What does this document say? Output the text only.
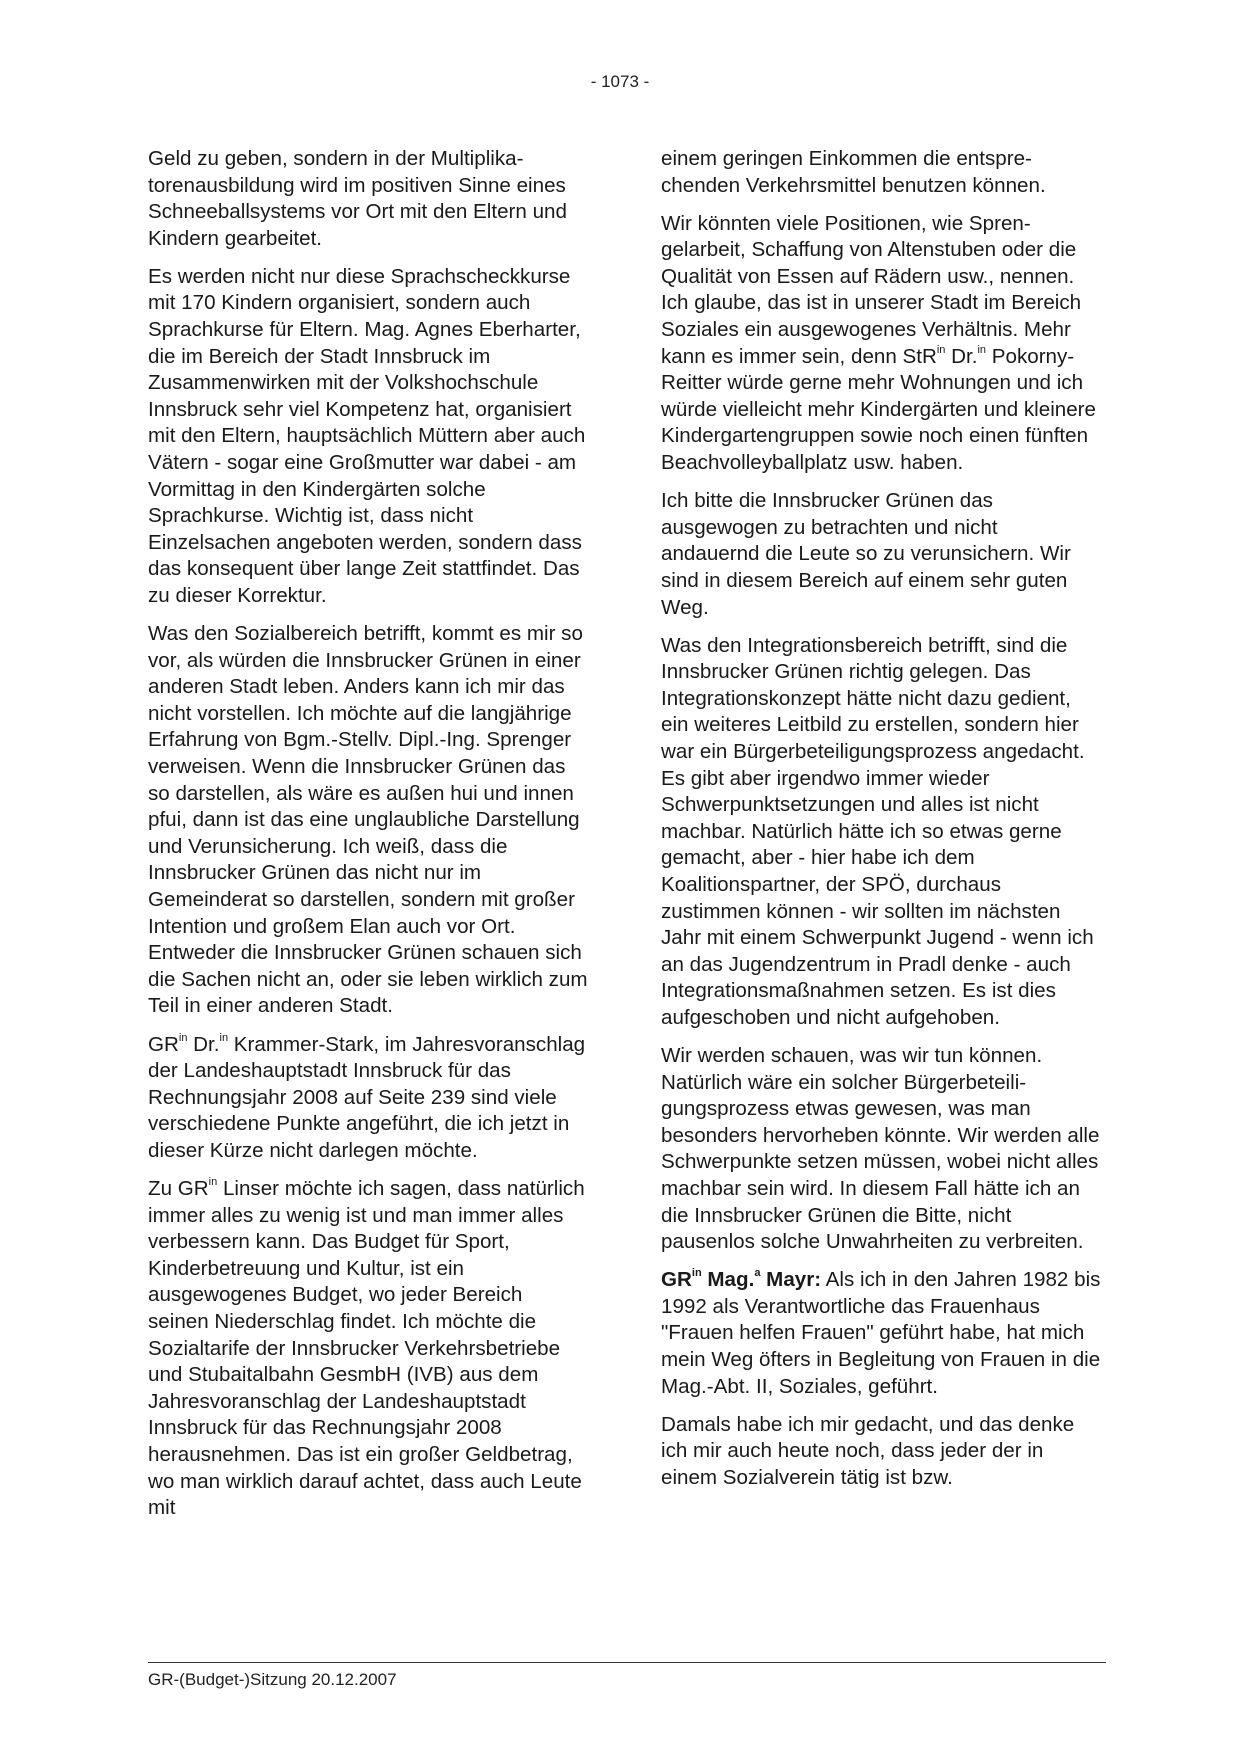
- 1073 -

Geld zu geben, sondern in der Multiplikatorenausbildung wird im positiven Sinne eines Schneeballsystems vor Ort mit den Eltern und Kindern gearbeitet.

Es werden nicht nur diese Sprachscheckkurse mit 170 Kindern organisiert, sondern auch Sprachkurse für Eltern. Mag. Agnes Eberharter, die im Bereich der Stadt Innsbruck im Zusammenwirken mit der Volkshochschule Innsbruck sehr viel Kompetenz hat, organisiert mit den Eltern, hauptsächlich Müttern aber auch Vätern - sogar eine Großmutter war dabei - am Vormittag in den Kindergärten solche Sprachkurse. Wichtig ist, dass nicht Einzelsachen angeboten werden, sondern dass das konsequent über lange Zeit stattfindet. Das zu dieser Korrektur.

Was den Sozialbereich betrifft, kommt es mir so vor, als würden die Innsbrucker Grünen in einer anderen Stadt leben. Anders kann ich mir das nicht vorstellen. Ich möchte auf die langjährige Erfahrung von Bgm.-Stellv. Dipl.-Ing. Sprenger verweisen. Wenn die Innsbrucker Grünen das so darstellen, als wäre es außen hui und innen pfui, dann ist das eine unglaubliche Darstellung und Verunsicherung. Ich weiß, dass die Innsbrucker Grünen das nicht nur im Gemeinderat so darstellen, sondern mit großer Intention und großem Elan auch vor Ort. Entweder die Innsbrucker Grünen schauen sich die Sachen nicht an, oder sie leben wirklich zum Teil in einer anderen Stadt.

$GR^{in}$ Dr.$^{in}$ Krammer-Stark, im Jahresvoranschlag der Landeshauptstadt Innsbruck für das Rechnungsjahr 2008 auf Seite 239 sind viele verschiedene Punkte angeführt, die ich jetzt in dieser Kürze nicht darlegen möchte.

Zu $GR^{in}$ Linser möchte ich sagen, dass natürlich immer alles zu wenig ist und man immer alles verbessern kann. Das Budget für Sport, Kinderbetreuung und Kultur, ist ein ausgewogenes Budget, wo jeder Bereich seinen Niederschlag findet. Ich möchte die Sozialtarife der Innsbrucker Verkehrsbetriebe und Stubaitalbahn GesmbH (IVB) aus dem Jahresvoranschlag der Landeshauptstadt Innsbruck für das Rechnungsjahr 2008 herausnehmen. Das ist ein großer Geldbetrag, wo man wirklich darauf achtet, dass auch Leute mit

einem geringen Einkommen die entsprechenden Verkehrsmittel benutzen können.

Wir könnten viele Positionen, wie Sprengelarbeit, Schaffung von Altenstuben oder die Qualität von Essen auf Rädern usw., nennen. Ich glaube, das ist in unserer Stadt im Bereich Soziales ein ausgewogenes Verhältnis. Mehr kann es immer sein, denn StR$^{in}$ Dr.$^{in}$ Pokorny-Reitter würde gerne mehr Wohnungen und ich würde vielleicht mehr Kindergärten und kleinere Kindergartengruppen sowie noch einen fünften Beachvolleyballplatz usw. haben.

Ich bitte die Innsbrucker Grünen das ausgewogen zu betrachten und nicht andauernd die Leute so zu verunsichern. Wir sind in diesem Bereich auf einem sehr guten Weg.

Was den Integrationsbereich betrifft, sind die Innsbrucker Grünen richtig gelegen. Das Integrationskonzept hätte nicht dazu gedient, ein weiteres Leitbild zu erstellen, sondern hier war ein Bürgerbeteiligungsprozess angedacht. Es gibt aber irgendwo immer wieder Schwerpunktsetzungen und alles ist nicht machbar. Natürlich hätte ich so etwas gerne gemacht, aber - hier habe ich dem Koalitionspartner, der SPÖ, durchaus zustimmen können - wir sollten im nächsten Jahr mit einem Schwerpunkt Jugend - wenn ich an das Jugendzentrum in Pradl denke - auch Integrationsmaßnahmen setzen. Es ist dies aufgeschoben und nicht aufgehoben.

Wir werden schauen, was wir tun können. Natürlich wäre ein solcher Bürgerbeteiligungsprozess etwas gewesen, was man besonders hervorheben könnte. Wir werden alle Schwerpunkte setzen müssen, wobei nicht alles machbar sein wird. In diesem Fall hätte ich an die Innsbrucker Grünen die Bitte, nicht pausenlos solche Unwahrheiten zu verbreiten.

$GR^{in}$ Mag.$^a$ Mayr: Als ich in den Jahren 1982 bis 1992 als Verantwortliche das Frauenhaus "Frauen helfen Frauen" geführt habe, hat mich mein Weg öfters in Begleitung von Frauen in die Mag.-Abt. II, Soziales, geführt.

Damals habe ich mir gedacht, und das denke ich mir auch heute noch, dass jeder der in einem Sozialverein tätig ist bzw.

GR-(Budget-)Sitzung 20.12.2007
